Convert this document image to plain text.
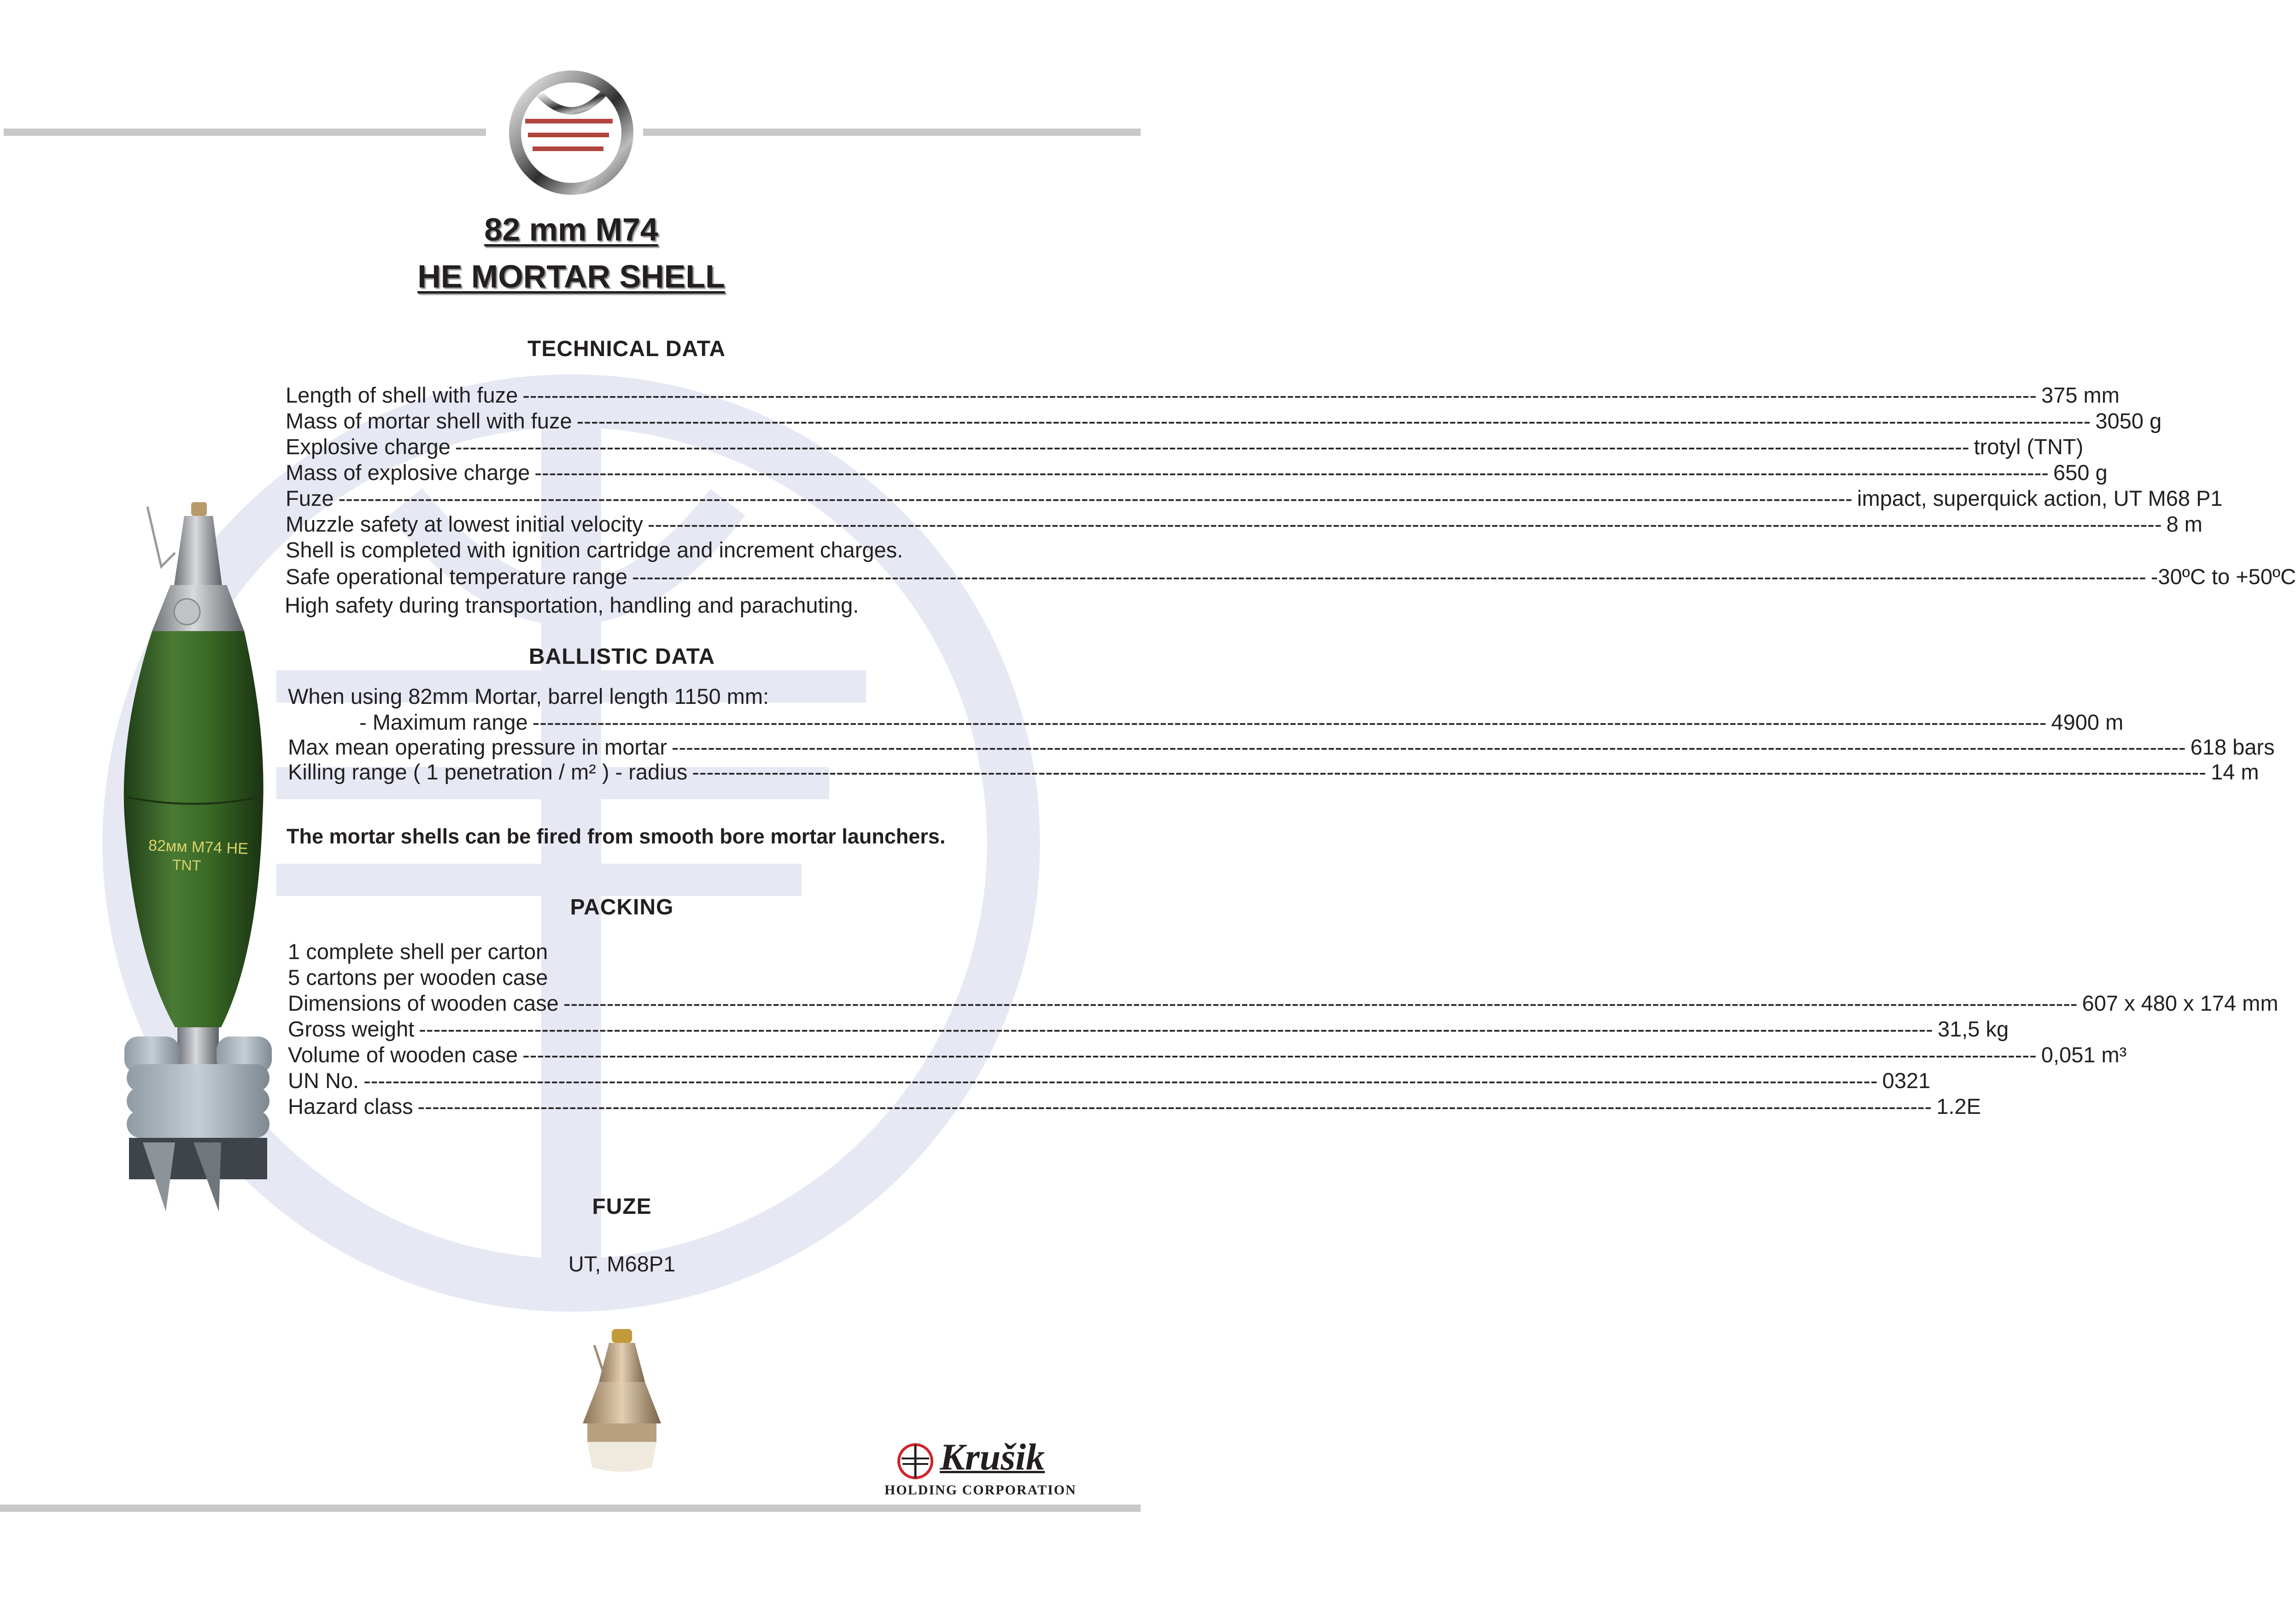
82 mm M74
HE MORTAR SHELL
TECHNICAL DATA
Length of shell with fuze ------------------------------------------------------------------------------------------------------------------------------------------------------------------------------------------------------------------ 375 mm
Mass of mortar shell with fuze ------------------------------------------------------------------------------------------------------------------------------------------------------------------------------------------------------------------ 3050 g
Explosive charge ------------------------------------------------------------------------------------------------------------------------------------------------------------------------------------------------------------------ trotyl (TNT)
Mass of explosive charge ------------------------------------------------------------------------------------------------------------------------------------------------------------------------------------------------------------------ 650 g
Fuze ------------------------------------------------------------------------------------------------------------------------------------------------------------------------------------------------------------------ impact, superquick action, UT M68 P1
Muzzle safety at lowest initial velocity ------------------------------------------------------------------------------------------------------------------------------------------------------------------------------------------------------------------ 8 m
Shell is completed with ignition cartridge and increment charges.
Safe operational temperature range ------------------------------------------------------------------------------------------------------------------------------------------------------------------------------------------------------------------ -30ºC to +50ºC
High safety during transportation, handling and parachuting.
BALLISTIC DATA
When using 82mm Mortar, barrel length 1150 mm:
- Maximum range ------------------------------------------------------------------------------------------------------------------------------------------------------------------------------------------------------------------ 4900 m
Max mean operating pressure in mortar ------------------------------------------------------------------------------------------------------------------------------------------------------------------------------------------------------------------ 618 bars
Killing range ( 1 penetration / m² ) - radius ------------------------------------------------------------------------------------------------------------------------------------------------------------------------------------------------------------------ 14 m
The mortar shells can be fired from smooth bore mortar launchers.
PACKING
1 complete shell per carton
5 cartons per wooden case
Dimensions of wooden case ------------------------------------------------------------------------------------------------------------------------------------------------------------------------------------------------------------------ 607 x 480 x 174 mm
Gross weight ------------------------------------------------------------------------------------------------------------------------------------------------------------------------------------------------------------------ 31,5 kg
Volume of wooden case ------------------------------------------------------------------------------------------------------------------------------------------------------------------------------------------------------------------ 0,051 m³
UN No. ------------------------------------------------------------------------------------------------------------------------------------------------------------------------------------------------------------------ 0321
Hazard class ------------------------------------------------------------------------------------------------------------------------------------------------------------------------------------------------------------------ 1.2E
FUZE
UT, M68P1
82мм М74 НЕ
ТNТ
Krušik
HOLDING CORPORATION
